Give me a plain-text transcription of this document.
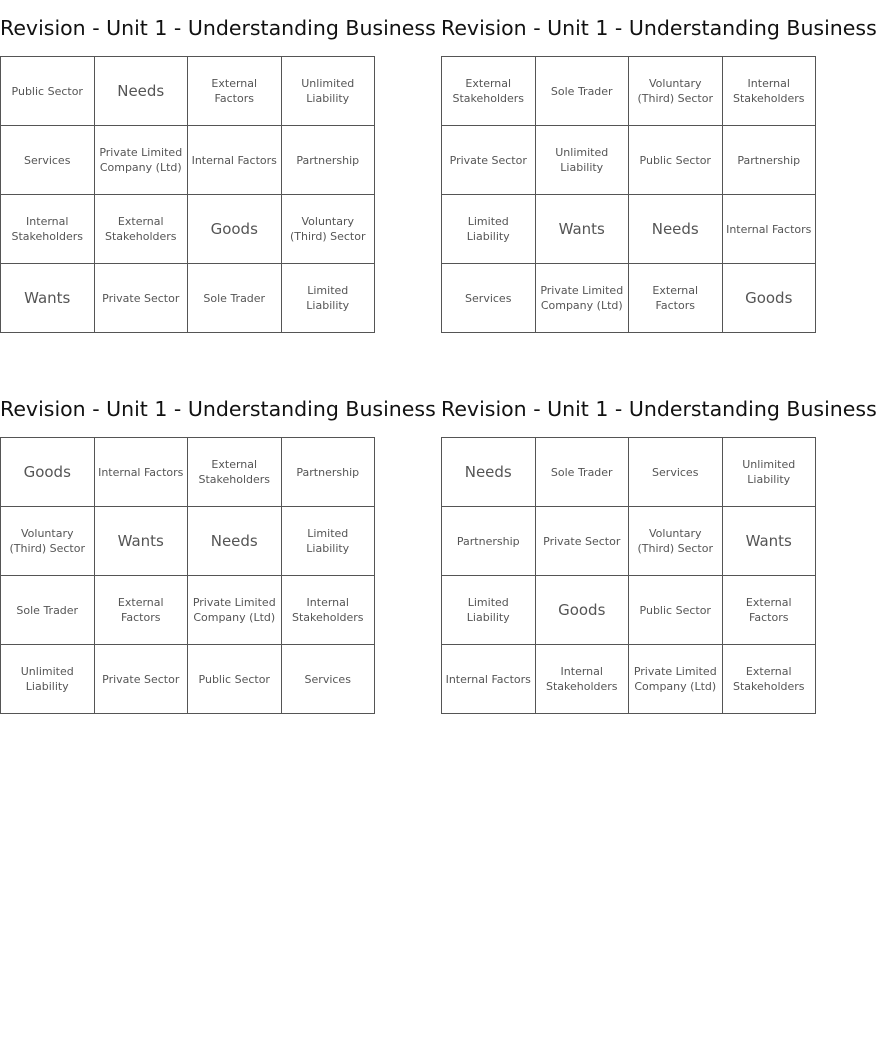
Revision - Unit 1 - Understanding Business
Public Sector	Needs	External Factors	Unlimited Liability
Services	Private Limited Company (Ltd)	Internal Factors	Partnership
Internal Stakeholders	External Stakeholders	Goods	Voluntary (Third) Sector
Wants	Private Sector	Sole Trader	Limited Liability
Revision - Unit 1 - Understanding Business
External Stakeholders	Sole Trader	Voluntary (Third) Sector	Internal Stakeholders
Private Sector	Unlimited Liability	Public Sector	Partnership
Limited Liability	Wants	Needs	Internal Factors
Services	Private Limited Company (Ltd)	External Factors	Goods
Revision - Unit 1 - Understanding Business
Goods	Internal Factors	External Stakeholders	Partnership
Voluntary (Third) Sector	Wants	Needs	Limited Liability
Sole Trader	External Factors	Private Limited Company (Ltd)	Internal Stakeholders
Unlimited Liability	Private Sector	Public Sector	Services
Revision - Unit 1 - Understanding Business
Needs	Sole Trader	Services	Unlimited Liability
Partnership	Private Sector	Voluntary (Third) Sector	Wants
Limited Liability	Goods	Public Sector	External Factors
Internal Factors	Internal Stakeholders	Private Limited Company (Ltd)	External Stakeholders
